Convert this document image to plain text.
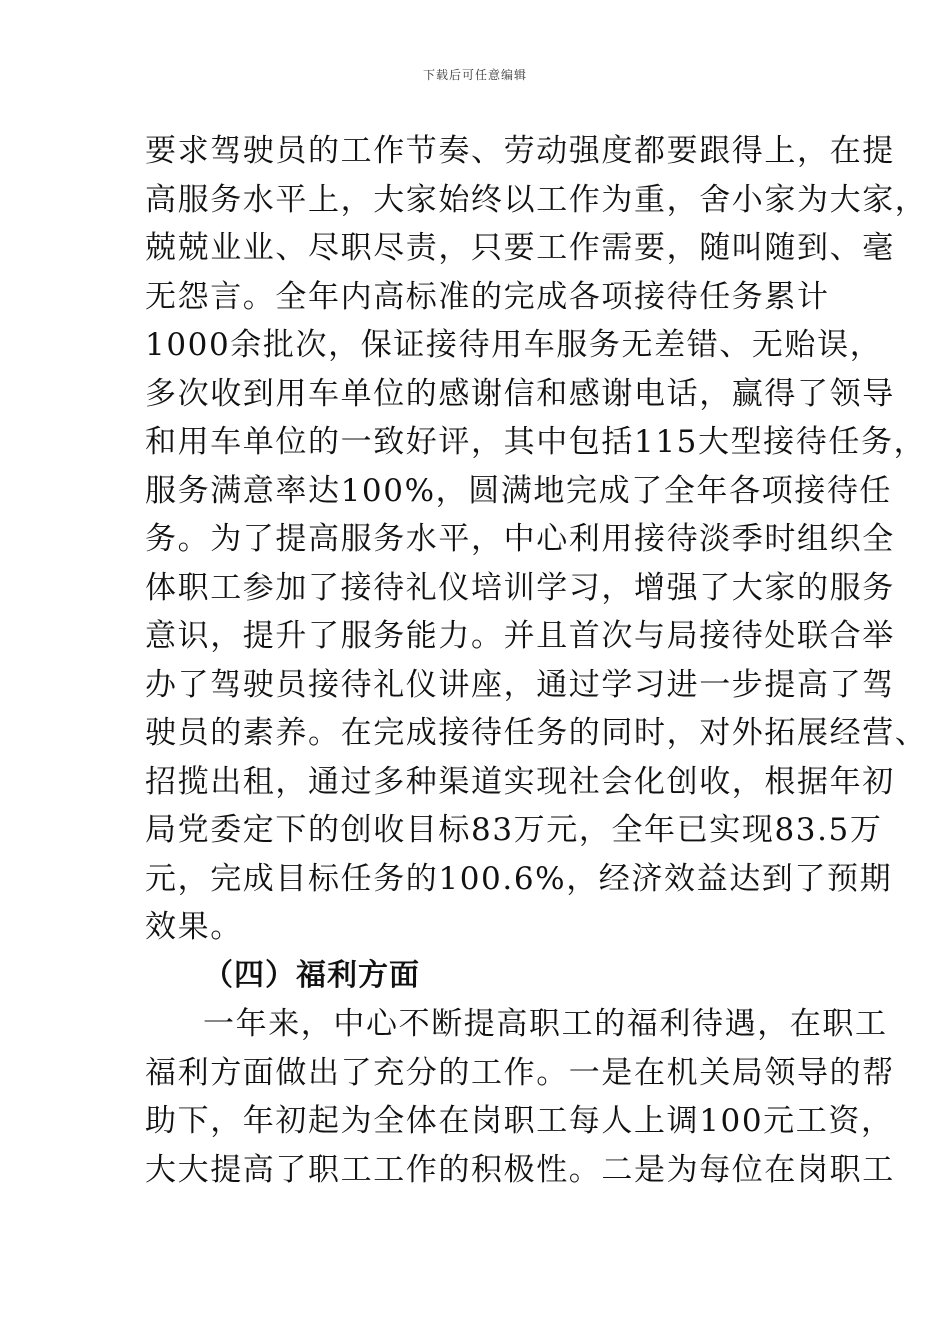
下载后可任意编辑
要求驾驶员的工作节奏、劳动强度都要跟得上，在提
高服务水平上，大家始终以工作为重，舍小家为大家，
兢兢业业、尽职尽责，只要工作需要，随叫随到、毫
无怨言。全年内高标准的完成各项接待任务累计
1000余批次，保证接待用车服务无差错、无贻误，
多次收到用车单位的感谢信和感谢电话，赢得了领导
和用车单位的一致好评，其中包括115大型接待任务，
服务满意率达100%，圆满地完成了全年各项接待任
务。为了提高服务水平，中心利用接待淡季时组织全
体职工参加了接待礼仪培训学习，增强了大家的服务
意识，提升了服务能力。并且首次与局接待处联合举
办了驾驶员接待礼仪讲座，通过学习进一步提高了驾
驶员的素养。在完成接待任务的同时，对外拓展经营、
招揽出租，通过多种渠道实现社会化创收，根据年初
局党委定下的创收目标83万元，全年已实现83.5万
元，完成目标任务的100.6%，经济效益达到了预期
效果。
（四）福利方面
一年来，中心不断提高职工的福利待遇，在职工
福利方面做出了充分的工作。一是在机关局领导的帮
助下，年初起为全体在岗职工每人上调100元工资，
大大提高了职工工作的积极性。二是为每位在岗职工
